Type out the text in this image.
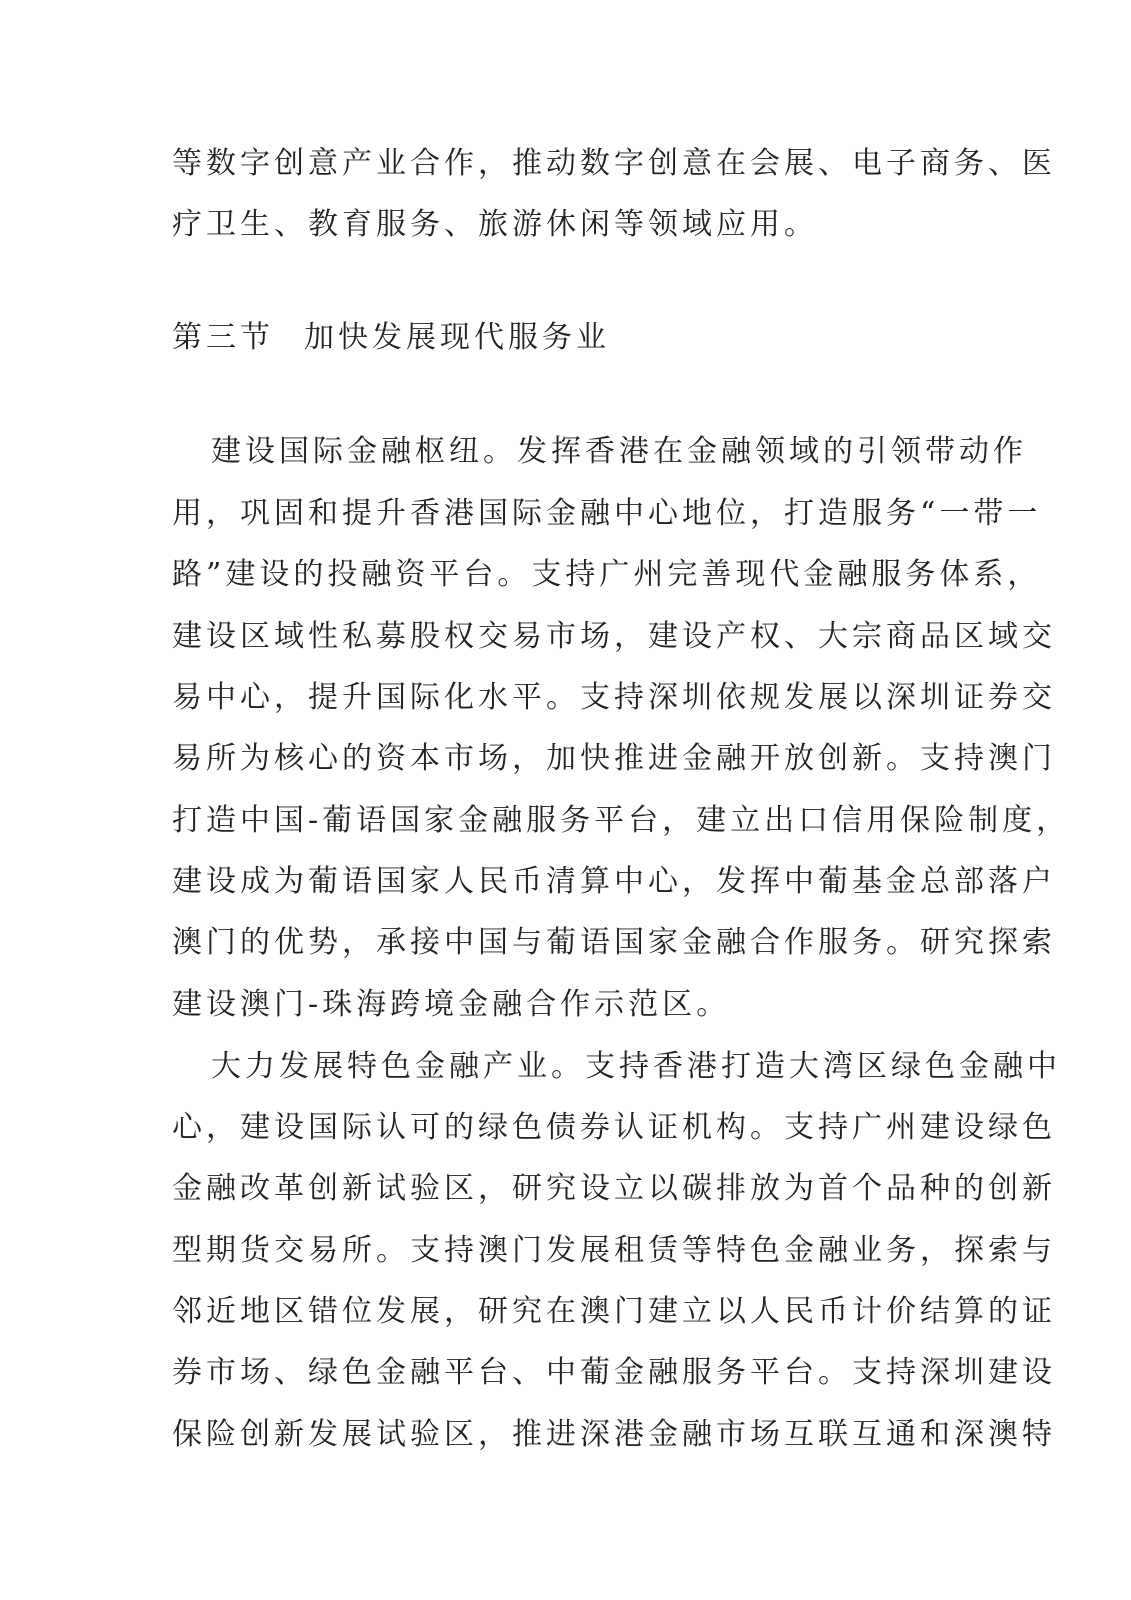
等数字创意产业合作，推动数字创意在会展、电子商务、医
疗卫生、教育服务、旅游休闲等领域应用。
第三节 加快发展现代服务业
建设国际金融枢纽。发挥香港在金融领域的引领带动作
用，巩固和提升香港国际金融中心地位，打造服务“一带一
路”建设的投融资平台。支持广州完善现代金融服务体系，
建设区域性私募股权交易市场，建设产权、大宗商品区域交
易中心，提升国际化水平。支持深圳依规发展以深圳证券交
易所为核心的资本市场，加快推进金融开放创新。支持澳门
打造中国-葡语国家金融服务平台，建立出口信用保险制度，
建设成为葡语国家人民币清算中心，发挥中葡基金总部落户
澳门的优势，承接中国与葡语国家金融合作服务。研究探索
建设澳门-珠海跨境金融合作示范区。
大力发展特色金融产业。支持香港打造大湾区绿色金融中
心，建设国际认可的绿色债券认证机构。支持广州建设绿色
金融改革创新试验区，研究设立以碳排放为首个品种的创新
型期货交易所。支持澳门发展租赁等特色金融业务，探索与
邻近地区错位发展，研究在澳门建立以人民币计价结算的证
券市场、绿色金融平台、中葡金融服务平台。支持深圳建设
保险创新发展试验区，推进深港金融市场互联互通和深澳特
